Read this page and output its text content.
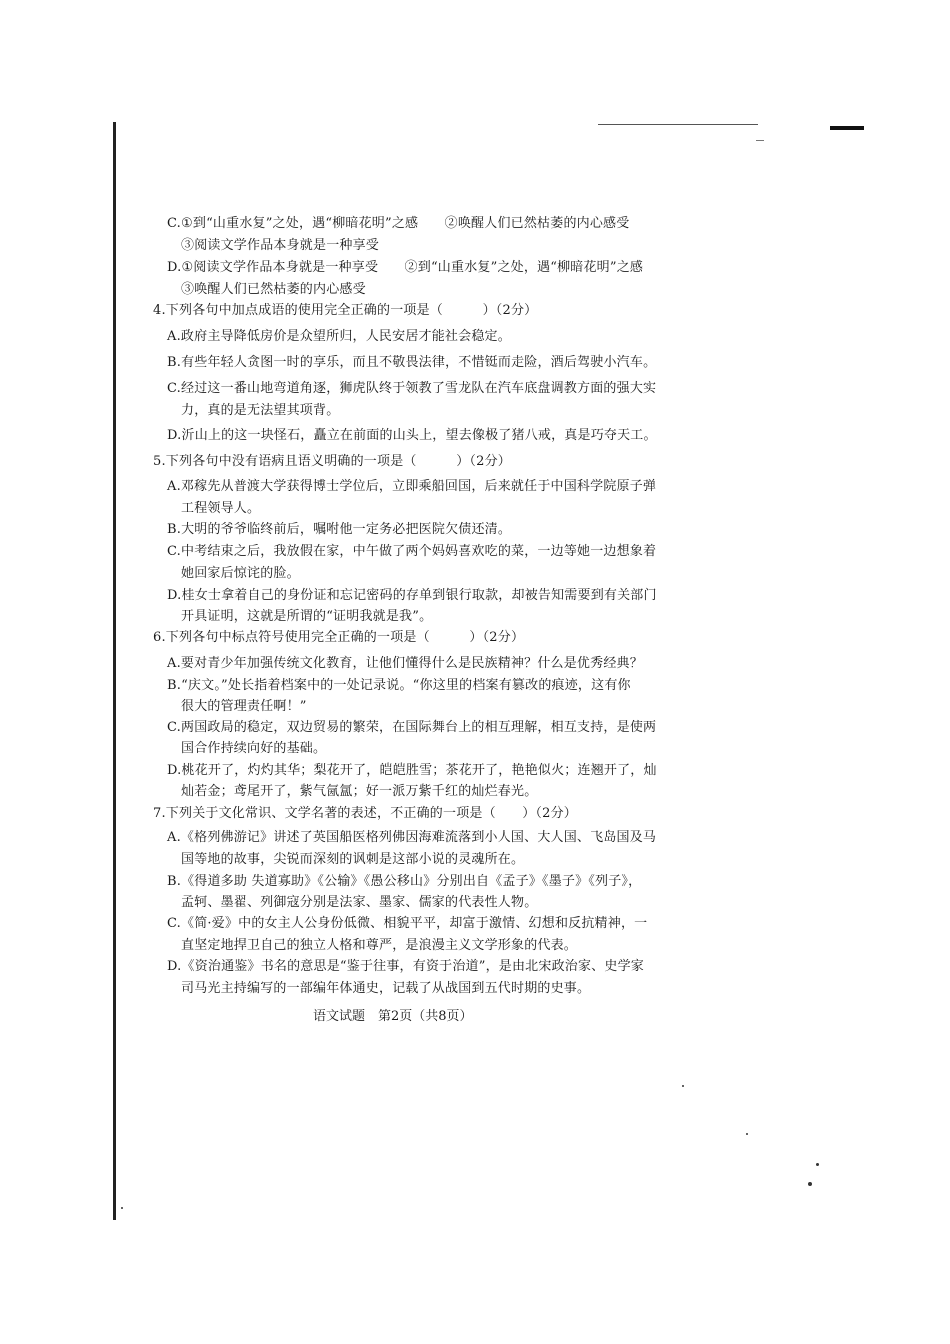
C.①到“山重水复”之处，遇“柳暗花明”之感　　②唤醒人们已然枯萎的内心感受
③阅读文学作品本身就是一种享受
D.①阅读文学作品本身就是一种享受　　②到“山重水复”之处，遇“柳暗花明”之感
③唤醒人们已然枯萎的内心感受
4.下列各句中加点成语的使用完全正确的一项是（　　　）（2分）
A.政府主导降低房价是众望所归，人民安居才能社会稳定。
B.有些年轻人贪图一时的享乐，而且不敬畏法律，不惜铤而走险，酒后驾驶小汽车。
C.经过这一番山地弯道角逐，狮虎队终于领教了雪龙队在汽车底盘调教方面的强大实
力，真的是无法望其项背。
D.沂山上的这一块怪石，矗立在前面的山头上，望去像极了猪八戒，真是巧夺天工。
5.下列各句中没有语病且语义明确的一项是（　　　）（2分）
A.邓稼先从普渡大学获得博士学位后，立即乘船回国，后来就任于中国科学院原子弹
工程领导人。
B.大明的爷爷临终前后，嘱咐他一定务必把医院欠债还清。
C.中考结束之后，我放假在家，中午做了两个妈妈喜欢吃的菜，一边等她一边想象着
她回家后惊诧的脸。
D.桂女士拿着自己的身份证和忘记密码的存单到银行取款，却被告知需要到有关部门
开具证明，这就是所谓的“证明我就是我”。
6.下列各句中标点符号使用完全正确的一项是（　　　）（2分）
A.要对青少年加强传统文化教育，让他们懂得什么是民族精神？什么是优秀经典？
B.“庆文。”处长指着档案中的一处记录说。“你这里的档案有篡改的痕迹，这有你
很大的管理责任啊！”
C.两国政局的稳定，双边贸易的繁荣，在国际舞台上的相互理解，相互支持，是使两
国合作持续向好的基础。
D.桃花开了，灼灼其华；梨花开了，皑皑胜雪；茶花开了，艳艳似火；连翘开了，灿
灿若金；鸢尾开了，紫气氤氲；好一派万紫千红的灿烂春光。
7.下列关于文化常识、文学名著的表述，不正确的一项是（　　）（2分）
A.《格列佛游记》讲述了英国船医格列佛因海难流落到小人国、大人国、飞岛国及马
国等地的故事，尖锐而深刻的讽刺是这部小说的灵魂所在。
B.《得道多助 失道寡助》《公输》《愚公移山》分别出自《孟子》《墨子》《列子》，
孟轲、墨翟、列御寇分别是法家、墨家、儒家的代表性人物。
C.《简·爱》中的女主人公身份低微、相貌平平，却富于激情、幻想和反抗精神，一
直坚定地捍卫自己的独立人格和尊严，是浪漫主义文学形象的代表。
D.《资治通鉴》书名的意思是“鉴于往事，有资于治道”，是由北宋政治家、史学家
司马光主持编写的一部编年体通史，记载了从战国到五代时期的史事。
语文试题　第2页（共8页）
